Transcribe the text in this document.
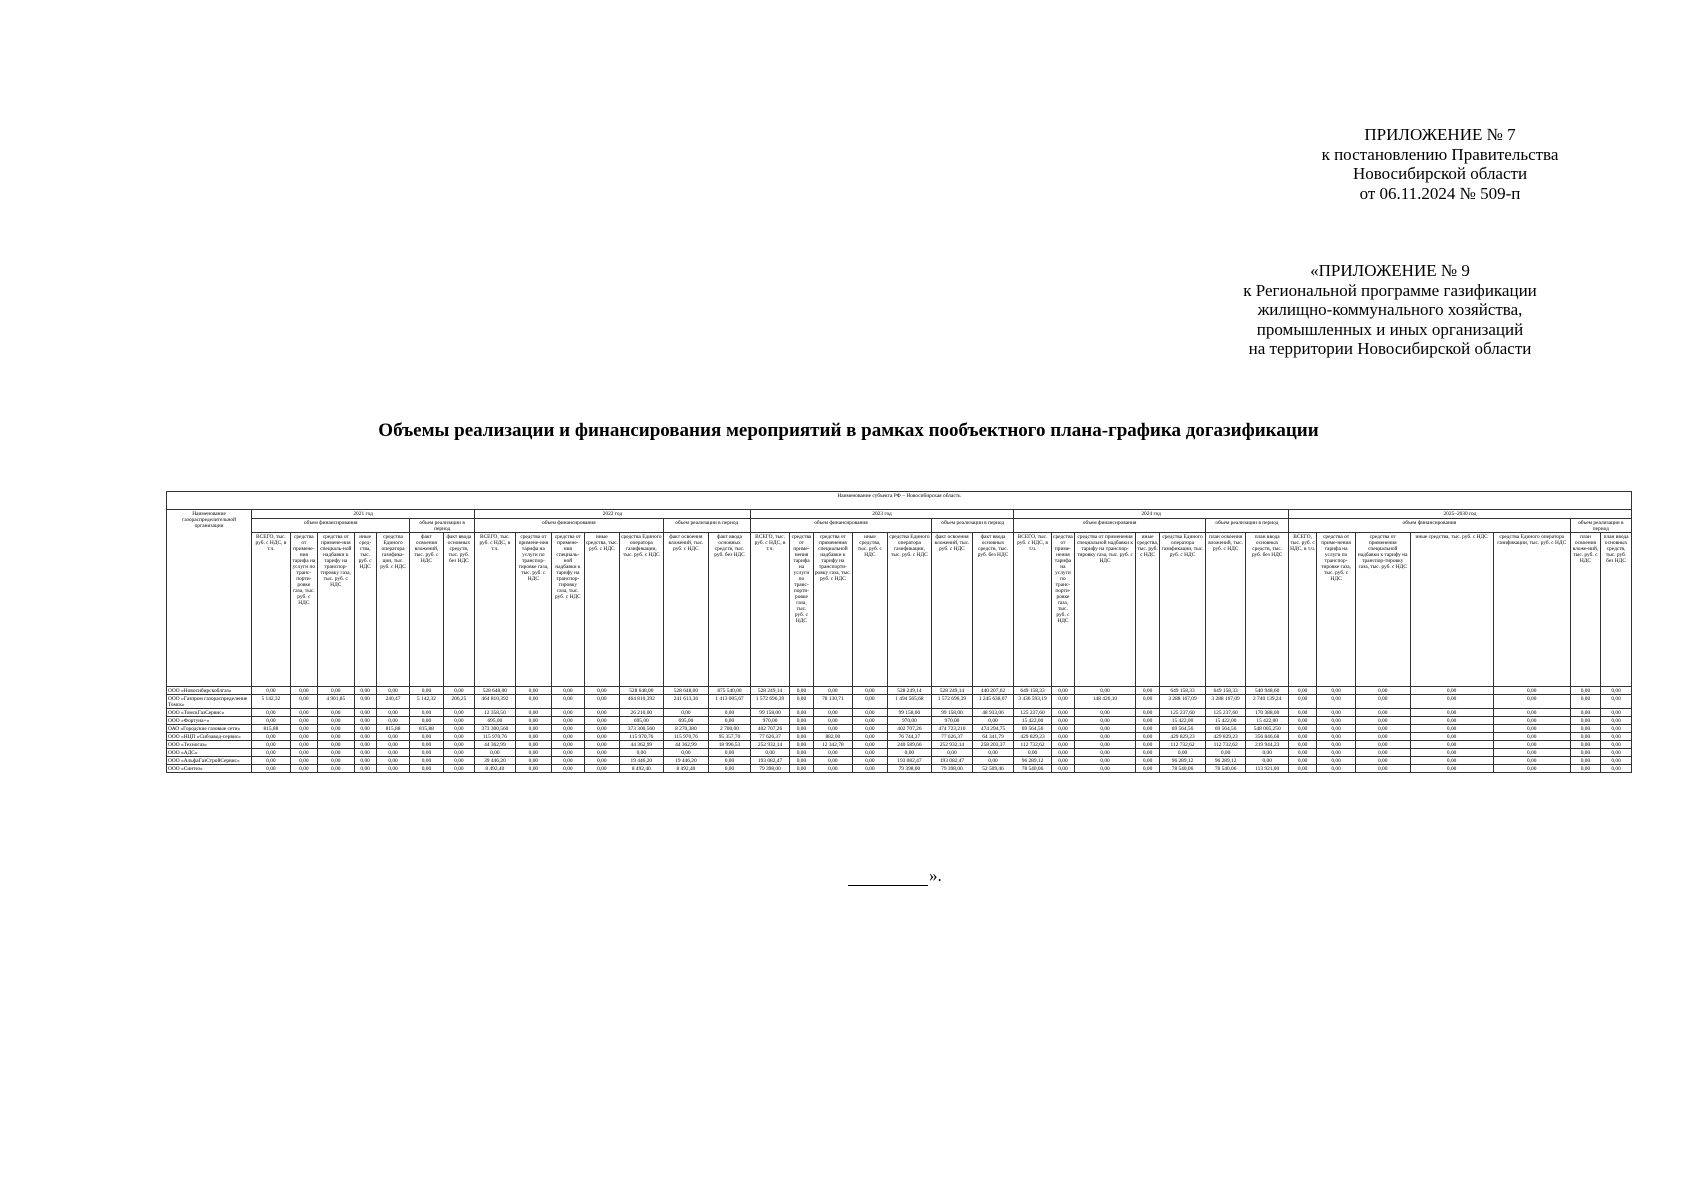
ПРИЛОЖЕНИЕ № 7
к постановлению Правительства
Новосибирской области
от 06.11.2024 № 509-п
«ПРИЛОЖЕНИЕ № 9
к Региональной программе газификации
жилищно-коммунального хозяйства,
промышленных и иных организаций
на территории Новосибирской области
Объемы реализации и финансирования мероприятий в рамках пообъектного плана-графика догазификации
Наименование субъекта РФ – Новосибирская область																																			
Наименование газораспределительной организации	2021 год							2022 год							2023 год							2024 год							2025–2030 год						
	объем финансирования					объем реализации в период		объем финансирования					объем реализации в период		объем финансирования					объем реализации в период		объем финансирования					объем реализации в период		объем финансирования					объем реализации в период	
	ВСЕГО, тыс. руб. с НДС, в т.ч.	средства от примене-ния тарифа на услуги по транс-порти-ровке газа, тыс. руб. с НДС	средства от примене-ния специаль-ной надбавки к тарифу на транспор-тировку газа, тыс. руб. с НДС	иные сред-ства, тыс. руб. с НДС	средства Единого оператора газифика-ции, тыс. руб. с НДС	факт освоения вложений, тыс. руб. с НДС	факт ввода основных средств, тыс. руб. без НДС	ВСЕГО, тыс. руб. с НДС, в т.ч.	средства от примене-ния тарифа на услуги по транспор-тировке газа, тыс. руб. с НДС	средства от примене-ния специаль-ной надбавки к тарифу на транспор-тировку газа, тыс. руб. с НДС	иные средства, тыс. руб. с НДС	средства Единого оператора газификации, тыс. руб. с НДС	факт освоения вложений, тыс. руб. с НДС	факт ввода основных средств, тыс. руб. без НДС	ВСЕГО, тыс. руб. с НДС, в т.ч.	средства от приме-нения тарифа на услуги по транс-порти-ровке газа, тыс. руб. с НДС	средства от применения специальной надбавки к тарифу на транспорти-ровку газа, тыс. руб. с НДС	иные средства, тыс. руб. с НДС	средства Единого оператора газификации, тыс. руб. с НДС	факт освоения вложений, тыс. руб. с НДС	факт ввода основных средств, тыс. руб. без НДС	ВСЕГО, тыс. руб. с НДС, в т.ч.	средства от приме-нения тарифа на услуги по транс-порти-ровке газа, тыс. руб. с НДС	средства от применения специальной надбавки к тарифу на транспор-тировку газа, тыс. руб. с НДС	иные средства, тыс. руб. с НДС	средства Единого оператора газификации, тыс. руб. с НДС	план освоения вложений, тыс. руб. с НДС	план ввода основных средств, тыс. руб. без НДС	ВСЕГО, тыс. руб. с НДС, в т.ч.	средства от приме-нения тарифа на услуги по транспор-тировке газа, тыс. руб. с НДС	средства от применения специальной надбавки к тарифу на транспор-тировку газа, тыс. руб. с НДС	иные средства, тыс. руб. с НДС	средства Единого оператора газификации, тыс. руб. с НДС	план освоения вложе-ний, тыс. руб. с НДС	план ввода основных средств, тыс. руб. без НДС
ООО «Новосибирскоблгаз»	0,00	0,00	0,00	0,00	0,00	0,00	0,00	528 648,00	0,00	0,00	0,00	528 648,00	528 648,00	875 540,00	528 249,14	0,00	0,00	0,00	528 249,14	528 249,14	440 207,62	649 158,33	0,00	0,00	0,00	649 158,33	649 158,33	540 948,60	0,00	0,00	0,00	0,00	0,00	0,00	0,00
ООО «Газпром газораспределение Томск»	5 142,32	0,00	4 901,85	0,00	240,47	5 142,32	206,25	464 810,392	0,00	0,00	0,00	464 810,392	241 613,36	1 413 005,67	1 572 696,39	0,00	78 130,71	0,00	1 494 565,68	1 572 696,39	1 245 638,07	3 436 593,19	0,00	148 426,10	0,00	3 288 167,09	3 288 167,09	2 740 139,24	0,00	0,00	0,00	0,00	0,00	0,00	0,00
ООО «ТомскГазСервис»	0,00	0,00	0,00	0,00	0,00	0,00	0,00	12 358,50	0,00	0,00	0,00	26 210,00	0,00	0,00	99 158,00	0,00	0,00	0,00	99 158,00	99 158,00	48 933,06	125 237,60	0,00	0,00	0,00	125 237,60	125 237,60	170 388,00	0,00	0,00	0,00	0,00	0,00	0,00	0,00
ООО «Фортуна+»	0,00	0,00	0,00	0,00	0,00	0,00	0,00	695,00	0,00	0,00	0,00	695,00	695,00	0,00	970,00	0,00	0,00	0,00	970,00	970,00	0,00	15 422,00	0,00	0,00	0,00	15 422,00	15 422,00	15 422,00	0,00	0,00	0,00	0,00	0,00	0,00	0,00
ОАО «Городские газовые сети»	815,88	0,00	0,00	0,00	815,88	815,88	0,00	373 300,560	0,00	0,00	0,00	373 300,560	8 270,380	2 700,00	402 707,26	0,00	0,00	0,00	402 707,26	474 723,210	474 294,75	69 564,56	0,00	0,00	0,00	69 564,56	69 564,56	548 005,250	0,00	0,00	0,00	0,00	0,00	0,00	0,00
ООО «НЦП «Сибзавод-сервис»	0,00	0,00	0,00	0,00	0,00	0,00	0,00	115 970,76	0,00	0,00	0,00	115 970,76	115 970,76	95 357,70	77 626,37	0,00	882,00	0,00	76 744,37	77 626,37	64 341,79	429 829,23	0,00	0,00	0,00	429 829,23	429 829,23	356 846,68	0,00	0,00	0,00	0,00	0,00	0,00	0,00
ООО «Техногаз»	0,00	0,00	0,00	0,00	0,00	0,00	0,00	44 362,99	0,00	0,00	0,00	44 362,99	44 362,99	18 996,53	252 932,14	0,00	12 342,78	0,00	240 589,66	252 932,14	258 203,37	112 732,62	0,00	0,00	0,00	112 732,62	112 732,62	219 944,23	0,00	0,00	0,00	0,00	0,00	0,00	0,00
ООО «АДС»	0,00	0,00	0,00	0,00	0,00	0,00	0,00	0,00	0,00	0,00	0,00	0,00	0,00	0,00	0,00	0,00	0,00	0,00	0,00	0,00	0,00	0,00	0,00	0,00	0,00	0,00	0,00	0,00	0,00	0,00	0,00	0,00	0,00	0,00	0,00
ООО «АльфаГазСтройСервис»	0,00	0,00	0,00	0,00	0,00	0,00	0,00	39 446,20	0,00	0,00	0,00	19 446,20	19 446,20	0,00	193 082,47	0,00	0,00	0,00	193 082,47	193 082,47	0,00	96 289,12	0,00	0,00	0,00	96 289,12	96 289,12	0,00	0,00	0,00	0,00	0,00	0,00	0,00	0,00
ООО «Синтез»	0,00	0,00	0,00	0,00	0,00	0,00	0,00	8 492,40	0,00	0,00	0,00	8 492,40	8 492,40	0,00	79 398,00	0,00	0,00	0,00	79 398,00	79 398,00	52 509,46	78 540,06	0,00	0,00	0,00	78 540,06	78 540,06	113 921,00	0,00	0,00	0,00	0,00	0,00	0,00	0,00
».
